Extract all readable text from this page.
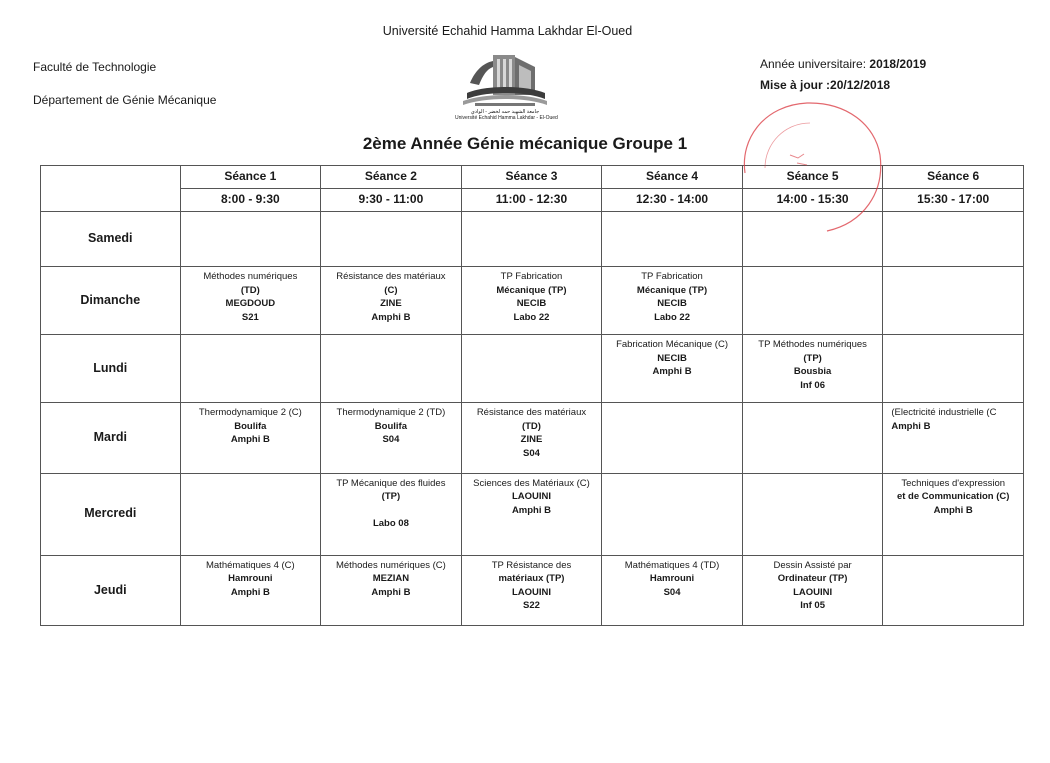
Université Echahid Hamma Lakhdar El-Oued
Faculté de Technologie
Département de Génie Mécanique
Année universitaire: 2018/2019
Mise à jour :20/12/2018
جامعة الشهيد حمه لخضر - الوادي
Université Echahid Hamma Lakhdar - El-Oued
2ème Année Génie mécanique Groupe 1
	Séance 1	Séance 2	Séance 3	Séance 4	Séance 5	Séance 6
	8:00 - 9:30	9:30 - 11:00	11:00 - 12:30	12:30 - 14:00	14:00 - 15:30	15:30 - 17:00
Samedi						
Dimanche	Méthodes numériques
(TD)
MEGDOUD
S21	Résistance des matériaux
(C)
ZINE
Amphi B	TP Fabrication
Mécanique (TP)
NECIB
Labo 22	TP Fabrication
Mécanique (TP)
NECIB
Labo 22		

Lundi				Fabrication Mécanique (C)
NECIB
Amphi B	TP Méthodes numériques
(TP)
Bousbia
Inf 06	

Mardi	Thermodynamique 2 (C)
Boulifa
Amphi B	Thermodynamique 2 (TD)
Boulifa
S04	Résistance des matériaux
(TD)
ZINE
S04			(Electricité industrielle (C
Amphi B

Mercredi		TP Mécanique des fluides
(TP)
Labo 08	Sciences des Matériaux (C)
LAOUINI
Amphi B			Techniques d'expression
et de Communication (C)
Amphi B

Jeudi	Mathématiques 4 (C)
Hamrouni
Amphi B	Méthodes numériques (C)
MEZIAN
Amphi B	TP Résistance des
matériaux (TP)
LAOUINI
S22	Mathématiques 4 (TD)
Hamrouni
S04	Dessin Assisté par
Ordinateur (TP)
LAOUINI
Inf 05	
